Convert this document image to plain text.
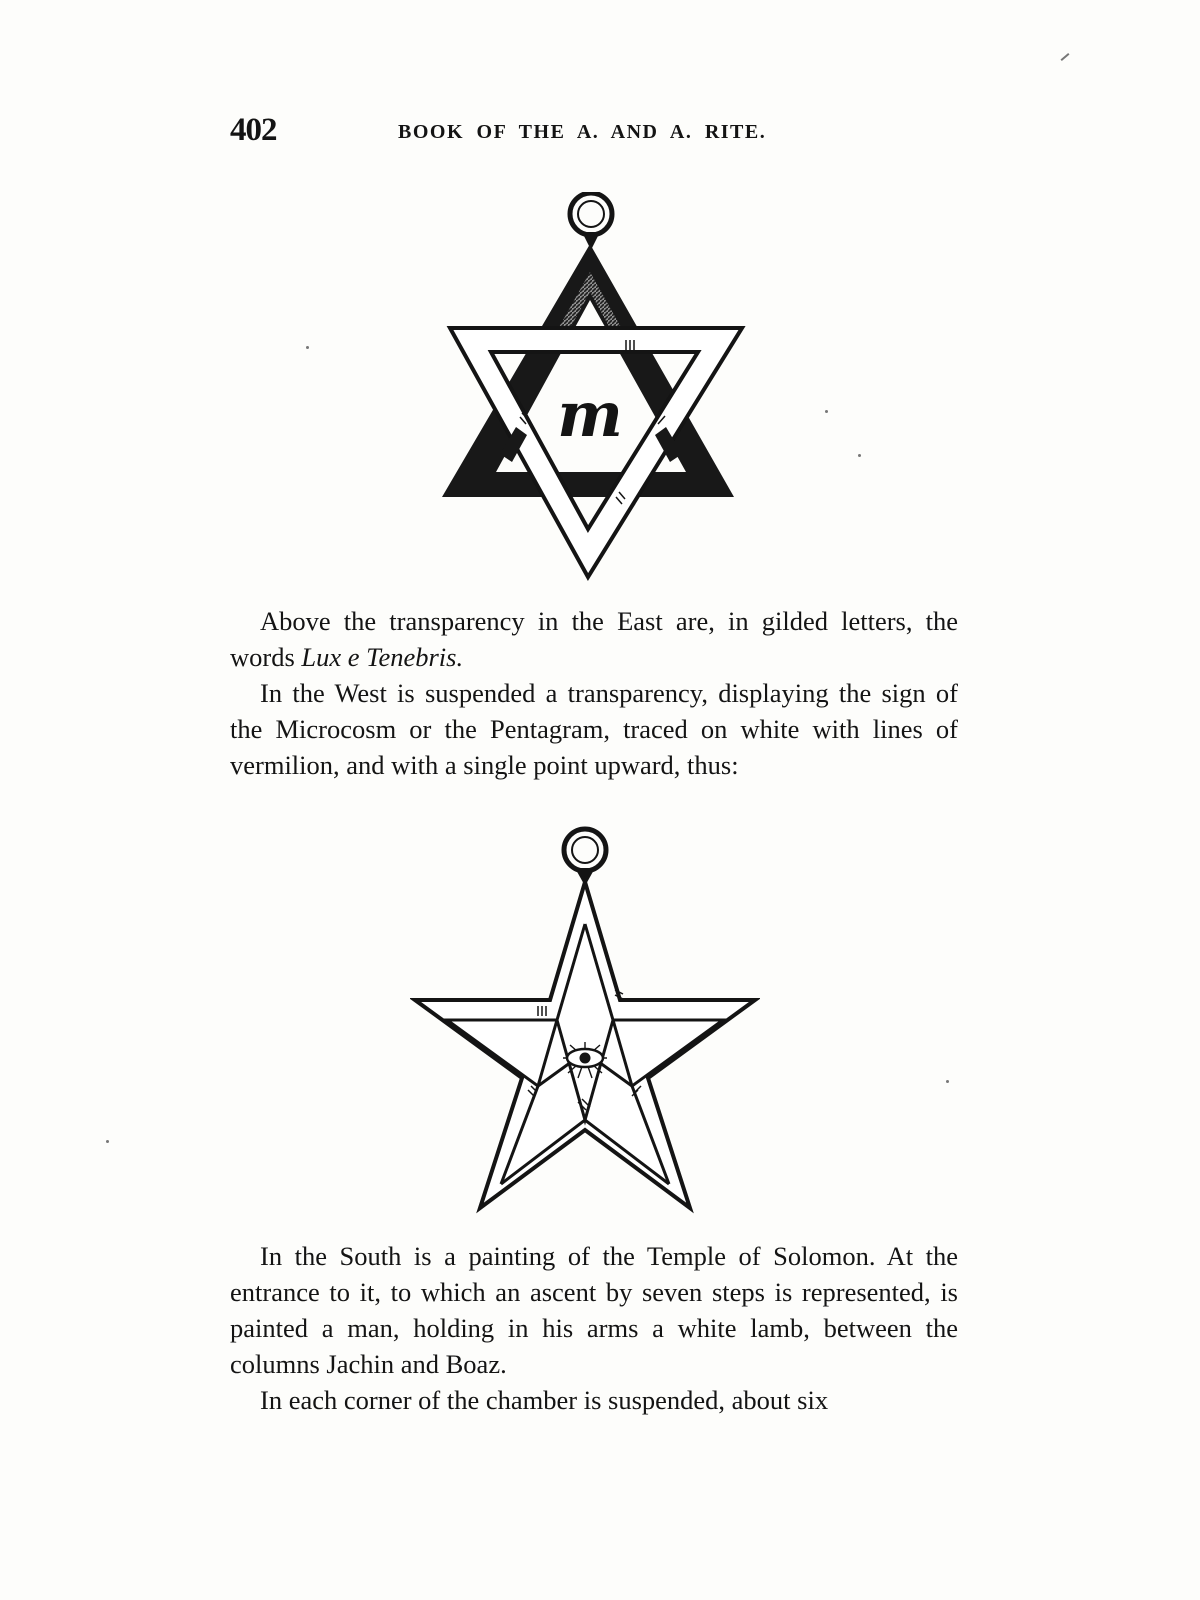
402	BOOK OF THE A. AND A. RITE.
m

Above the transparency in the East are, in gilded letters, the words Lux e Tenebris.

In the West is suspended a transparency, displaying the sign of the Microcosm or the Pentagram, traced on white with lines of vermilion, and with a single point upward, thus:

In the South is a painting of the Temple of Solomon. At the entrance to it, to which an ascent by seven steps is represented, is painted a man, holding in his arms a white lamb, between the columns Jachin and Boaz.

In each corner of the chamber is suspended, about six
